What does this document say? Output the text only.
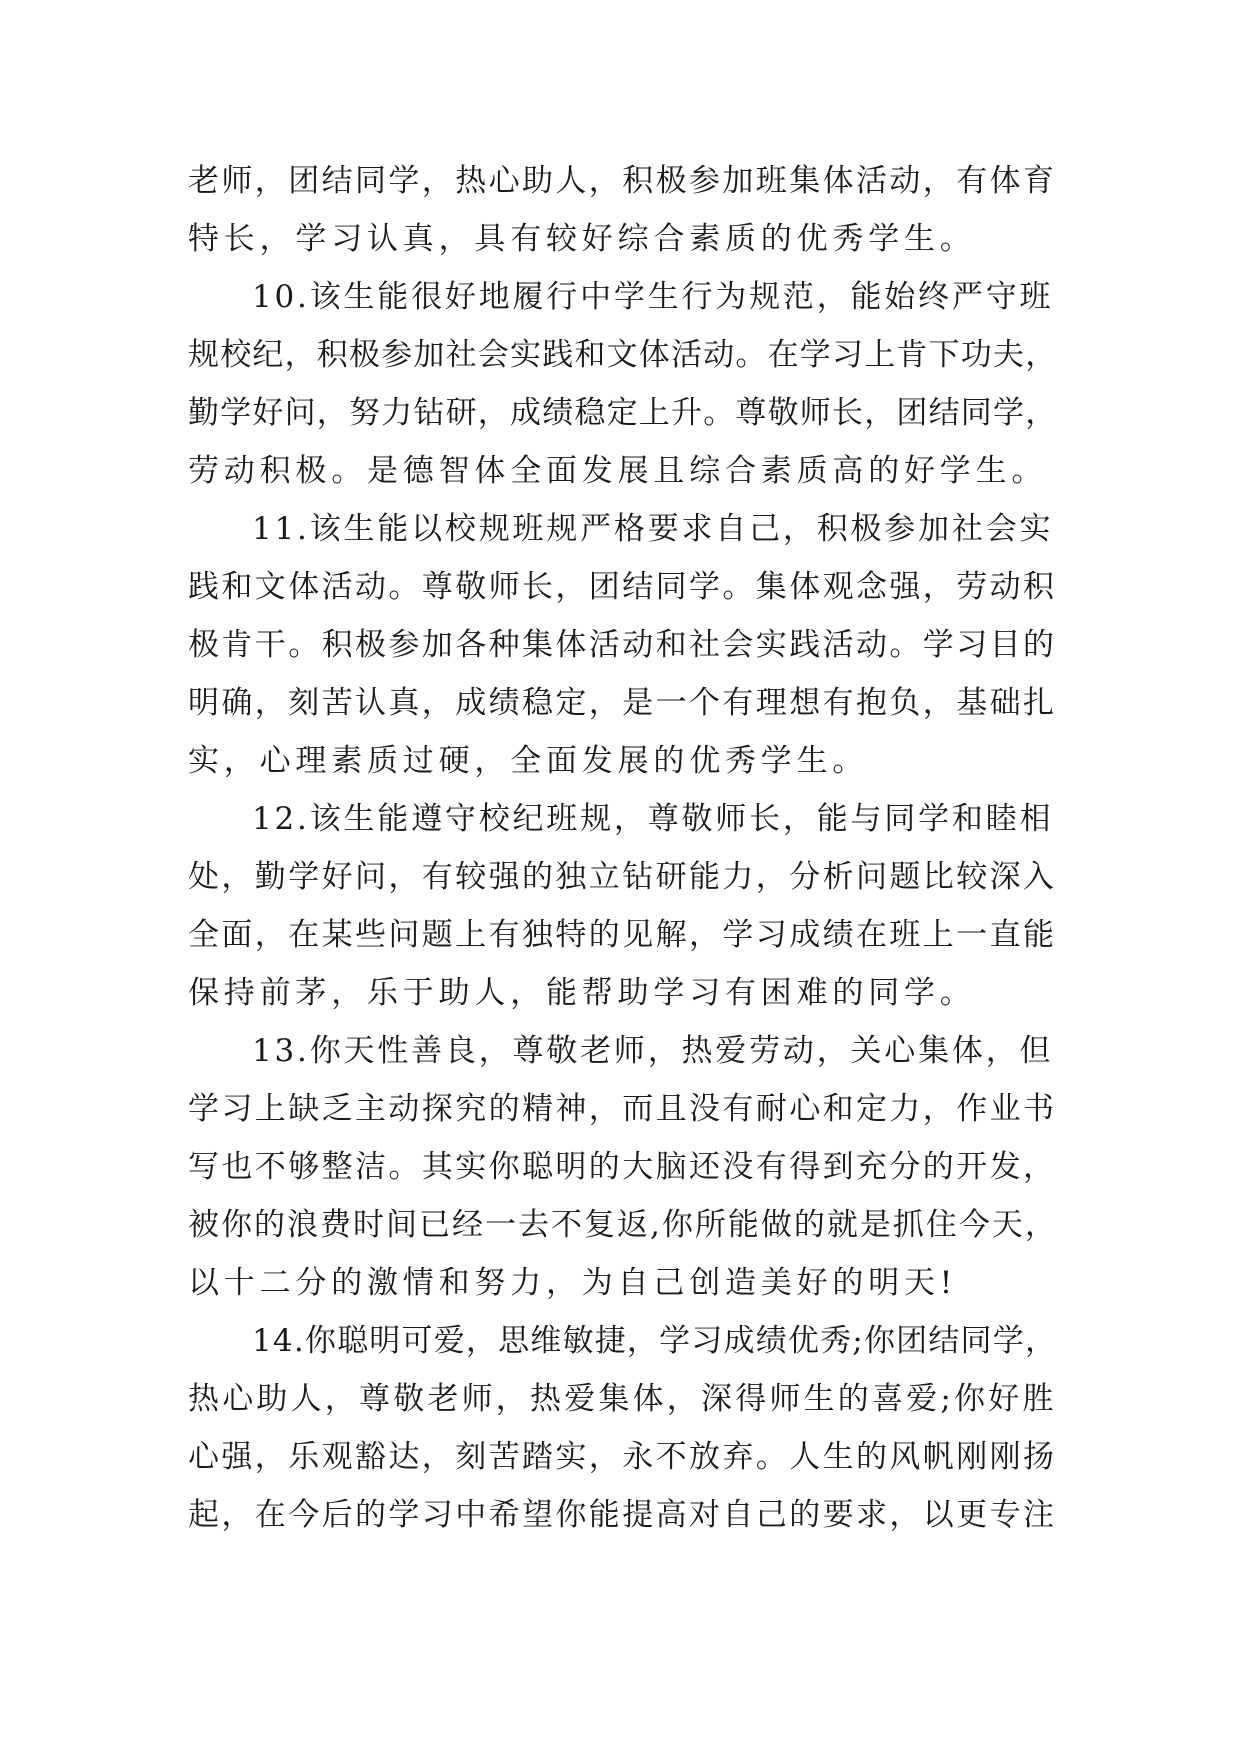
老师，团结同学，热心助人，积极参加班集体活动，有体育
特长，学习认真，具有较好综合素质的优秀学生。
10.该生能很好地履行中学生行为规范，能始终严守班
规校纪，积极参加社会实践和文体活动。在学习上肯下功夫，
勤学好问，努力钻研，成绩稳定上升。尊敬师长，团结同学，
劳动积极。是德智体全面发展且综合素质高的好学生。
11.该生能以校规班规严格要求自己，积极参加社会实
践和文体活动。尊敬师长，团结同学。集体观念强，劳动积
极肯干。积极参加各种集体活动和社会实践活动。学习目的
明确，刻苦认真，成绩稳定，是一个有理想有抱负，基础扎
实，心理素质过硬，全面发展的优秀学生。
12.该生能遵守校纪班规，尊敬师长，能与同学和睦相
处，勤学好问，有较强的独立钻研能力，分析问题比较深入
全面，在某些问题上有独特的见解，学习成绩在班上一直能
保持前茅，乐于助人，能帮助学习有困难的同学。
13.你天性善良，尊敬老师，热爱劳动，关心集体，但
学习上缺乏主动探究的精神，而且没有耐心和定力，作业书
写也不够整洁。其实你聪明的大脑还没有得到充分的开发，
被你的浪费时间已经一去不复返,你所能做的就是抓住今天，
以十二分的激情和努力，为自己创造美好的明天!
14.你聪明可爱，思维敏捷，学习成绩优秀;你团结同学，
热心助人，尊敬老师，热爱集体，深得师生的喜爱;你好胜
心强，乐观豁达，刻苦踏实，永不放弃。人生的风帆刚刚扬
起，在今后的学习中希望你能提高对自己的要求，以更专注
